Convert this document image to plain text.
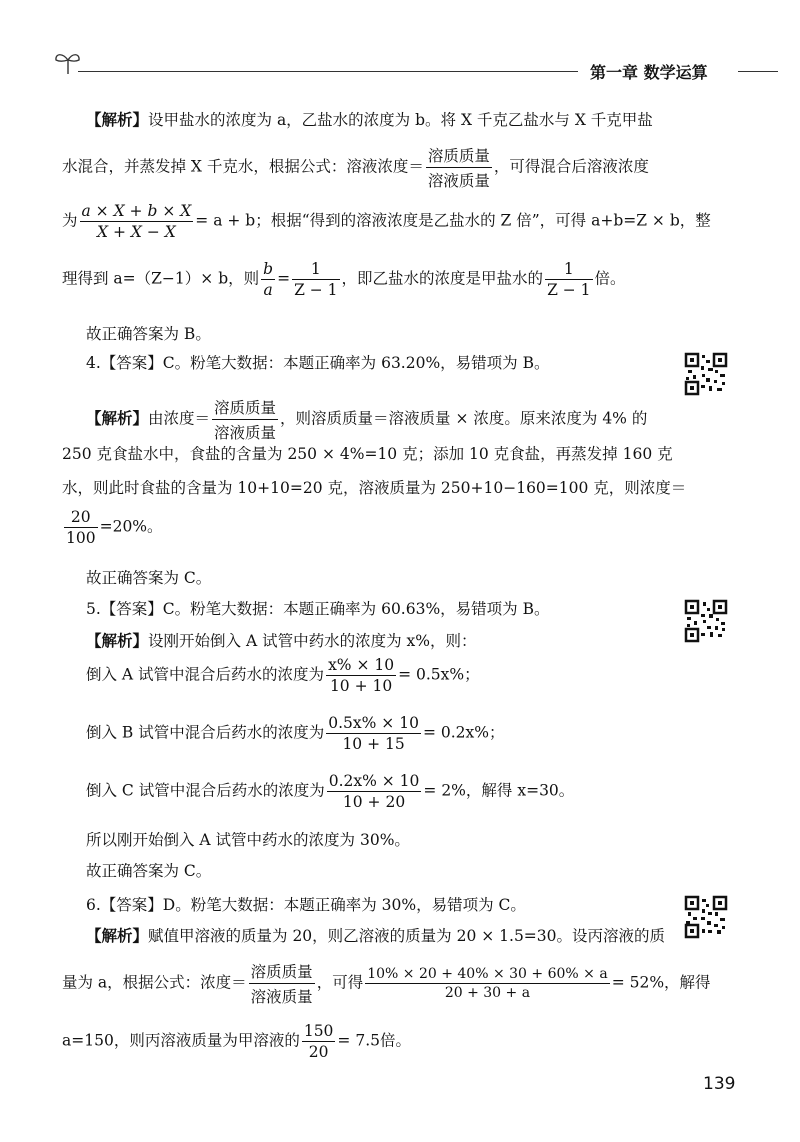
第一章 数学运算
【解析】设甲盐水的浓度为 a，乙盐水的浓度为 b。将 X 千克乙盐水与 X 千克甲盐
水混合，并蒸发掉 X 千克水，根据公式：溶液浓度＝ $\frac{\text{溶质质量}}{\text{溶液质量}}$ ，可得混合后溶液浓度
为 $\frac{a \times X + b \times X}{X + X - X} = a + b$；根据“得到的溶液浓度是乙盐水的 Z 倍”，可得 a+b=Z × b，整
理得到 a=（Z−1）× b，则 $\frac{b}{a} = \frac{1}{Z - 1}$ ，即乙盐水的浓度是甲盐水的 $\frac{1}{Z - 1}$ 倍。
故正确答案为 B。
4.【答案】C。粉笔大数据：本题正确率为 63.20%，易错项为 B。
【解析】由浓度＝ $\frac{\text{溶质质量}}{\text{溶液质量}}$ ，则溶质质量＝溶液质量 × 浓度。原来浓度为 4% 的
250 克食盐水中，食盐的含量为 250 × 4%=10 克；添加 10 克食盐，再蒸发掉 160 克
水，则此时食盐的含量为 10+10=20 克，溶液质量为 250+10−160=100 克，则浓度＝
$\frac{20}{100} =20\%$。
故正确答案为 C。
5.【答案】C。粉笔大数据：本题正确率为 60.63%，易错项为 B。
【解析】设刚开始倒入 A 试管中药水的浓度为 x%，则：
倒入 A 试管中混合后药水的浓度为 $\frac{x\% \times 10}{10 + 10} = 0.5x\%$；
倒入 B 试管中混合后药水的浓度为 $\frac{0.5x\% \times 10}{10 + 15} = 0.2x\%$；
倒入 C 试管中混合后药水的浓度为 $\frac{0.2x\% \times 10}{10 + 20} = 2\%$，解得 x=30。
所以刚开始倒入 A 试管中药水的浓度为 30%。
故正确答案为 C。
6.【答案】D。粉笔大数据：本题正确率为 30%，易错项为 C。
【解析】赋值甲溶液的质量为 20，则乙溶液的质量为 20 × 1.5=30。设丙溶液的质
量为 a，根据公式：浓度＝ $\frac{\text{溶质质量}}{\text{溶液质量}}$ ，可得 $\frac{10\% \times 20 + 40\% \times 30 + 60\% \times a}{20 + 30 + a} = 52\%$，解得
a=150，则丙溶液质量为甲溶液的 $\frac{150}{20} = 7.5$倍。
139
